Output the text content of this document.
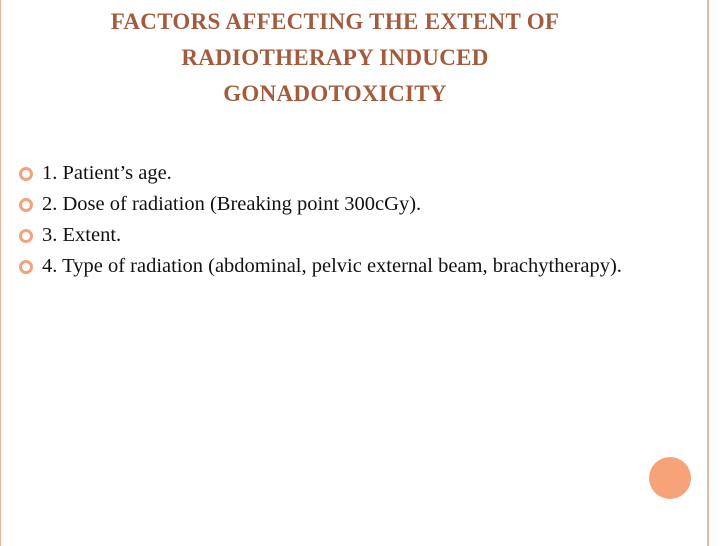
FACTORS AFFECTING THE EXTENT OF
RADIOTHERAPY INDUCED
GONADOTOXICITY
1. Patient’s age.
2. Dose of radiation (Breaking point 300cGy).
3. Extent.
4. Type of radiation (abdominal, pelvic external beam, brachytherapy).
